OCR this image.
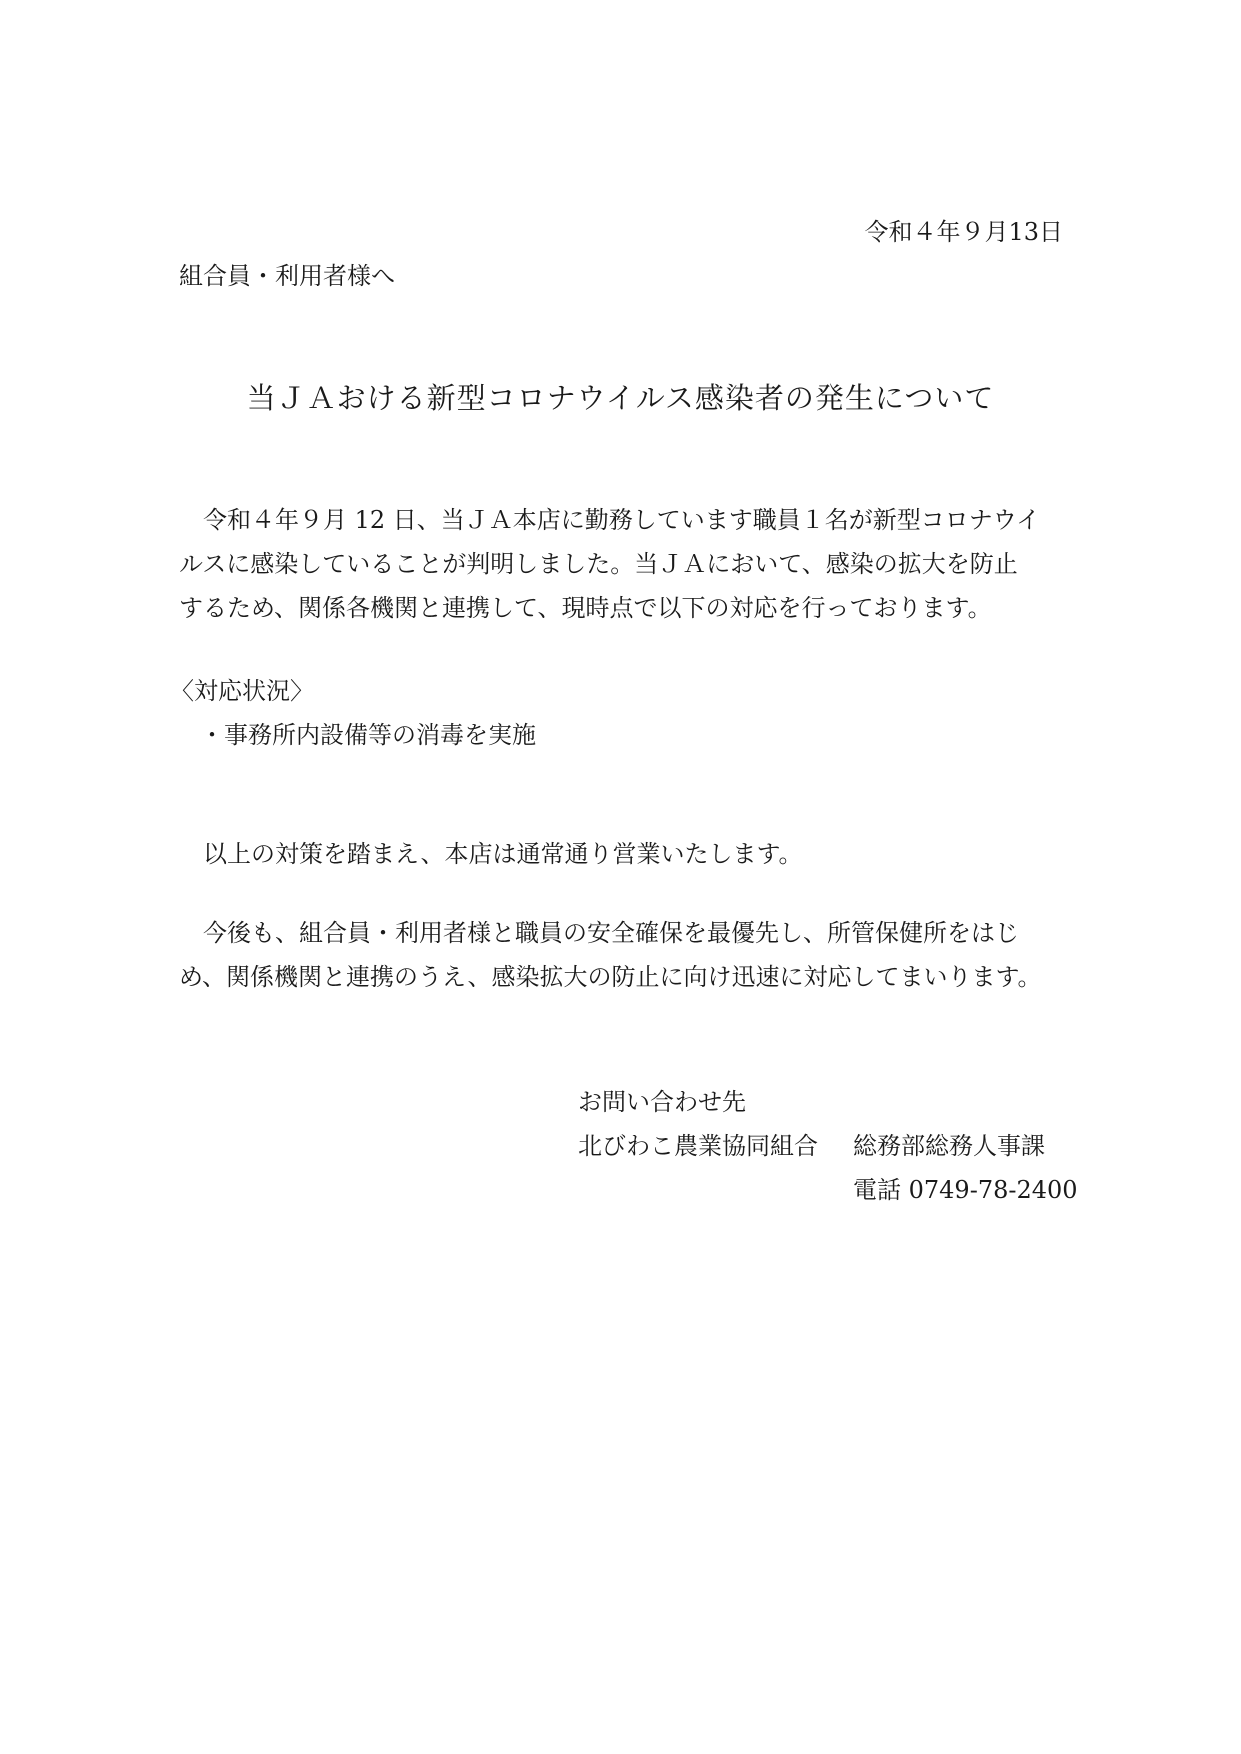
令和４年９月13日
組合員・利用者様へ
当ＪＡおける新型コロナウイルス感染者の発生について
　令和４年９月 12 日、当ＪＡ本店に勤務しています職員１名が新型コロナウイ
ルスに感染していることが判明しました。当ＪＡにおいて、感染の拡大を防止
するため、関係各機関と連携して、現時点で以下の対応を行っております。
〈対応状況〉
・事務所内設備等の消毒を実施
　以上の対策を踏まえ、本店は通常通り営業いたします。
　今後も、組合員・利用者様と職員の安全確保を最優先し、所管保健所をはじ
め、関係機関と連携のうえ、感染拡大の防止に向け迅速に対応してまいります。
お問い合わせ先
北びわこ農業協同組合 総務部総務人事課
電話 0749-78-2400
